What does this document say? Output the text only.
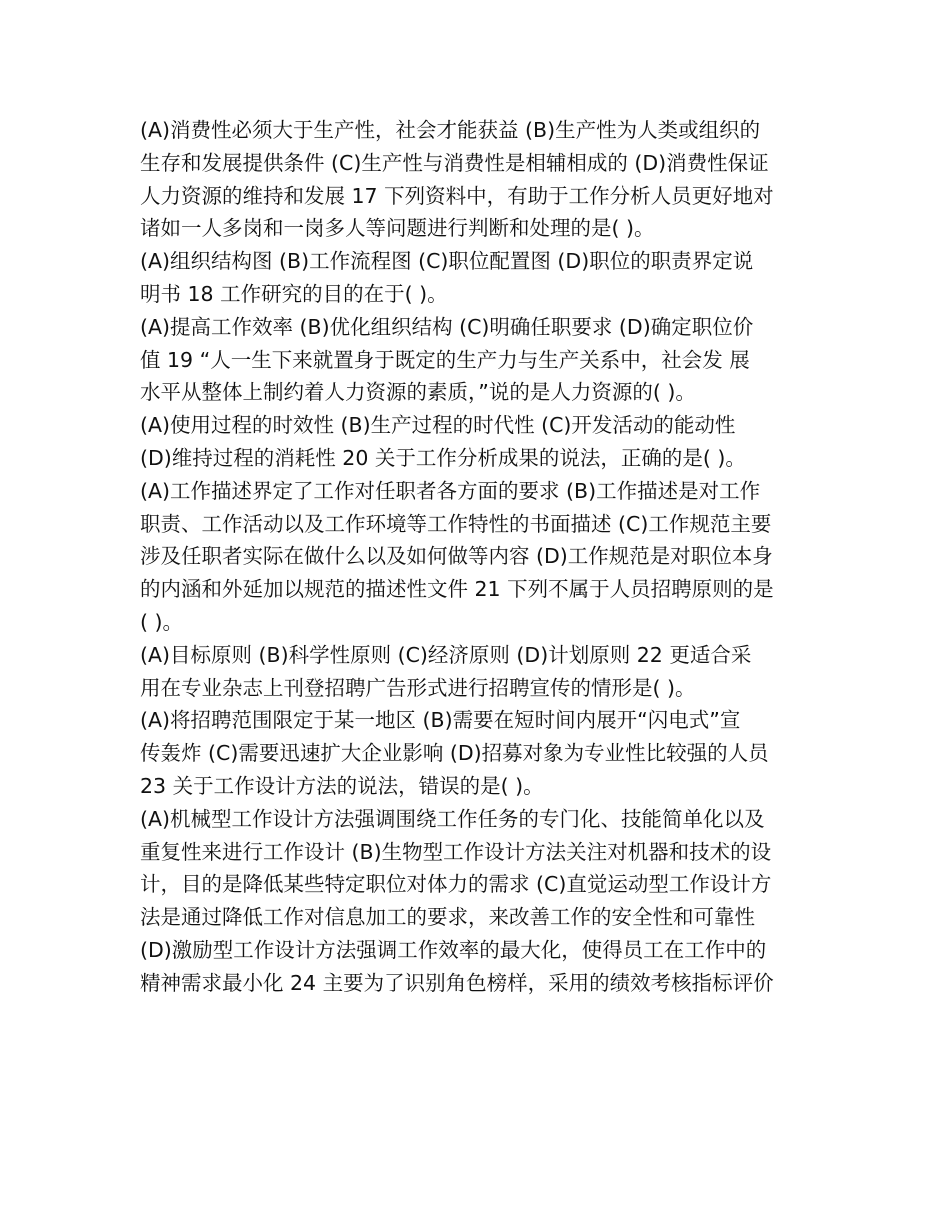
(A)消费性必须大于生产性，社会才能获益 (B)生产性为人类或组织的
生存和发展提供条件 (C)生产性与消费性是相辅相成的 (D)消费性保证
人力资源的维持和发展 17 下列资料中，有助于工作分析人员更好地对
诸如一人多岗和一岗多人等问题进行判断和处理的是( )。
(A)组织结构图 (B)工作流程图 (C)职位配置图 (D)职位的职责界定说
明书 18 工作研究的目的在于( )。
(A)提高工作效率 (B)优化组织结构 (C)明确任职要求 (D)确定职位价
值 19 “人一生下来就置身于既定的生产力与生产关系中，社会发 展
水平从整体上制约着人力资源的素质，”说的是人力资源的( )。
(A)使用过程的时效性 (B)生产过程的时代性 (C)开发活动的能动性
(D)维持过程的消耗性 20 关于工作分析成果的说法，正确的是( )。
(A)工作描述界定了工作对任职者各方面的要求 (B)工作描述是对工作
职责、工作活动以及工作环境等工作特性的书面描述 (C)工作规范主要
涉及任职者实际在做什么以及如何做等内容 (D)工作规范是对职位本身
的内涵和外延加以规范的描述性文件 21 下列不属于人员招聘原则的是
( )。
(A)目标原则 (B)科学性原则 (C)经济原则 (D)计划原则 22 更适合采
用在专业杂志上刊登招聘广告形式进行招聘宣传的情形是( )。
(A)将招聘范围限定于某一地区 (B)需要在短时间内展开“闪电式”宣
传轰炸 (C)需要迅速扩大企业影响 (D)招募对象为专业性比较强的人员
23 关于工作设计方法的说法，错误的是( )。
(A)机械型工作设计方法强调围绕工作任务的专门化、技能简单化以及
重复性来进行工作设计 (B)生物型工作设计方法关注对机器和技术的设
计，目的是降低某些特定职位对体力的需求 (C)直觉运动型工作设计方
法是通过降低工作对信息加工的要求，来改善工作的安全性和可靠性
(D)激励型工作设计方法强调工作效率的最大化，使得员工在工作中的
精神需求最小化 24 主要为了识别角色榜样，采用的绩效考核指标评价
